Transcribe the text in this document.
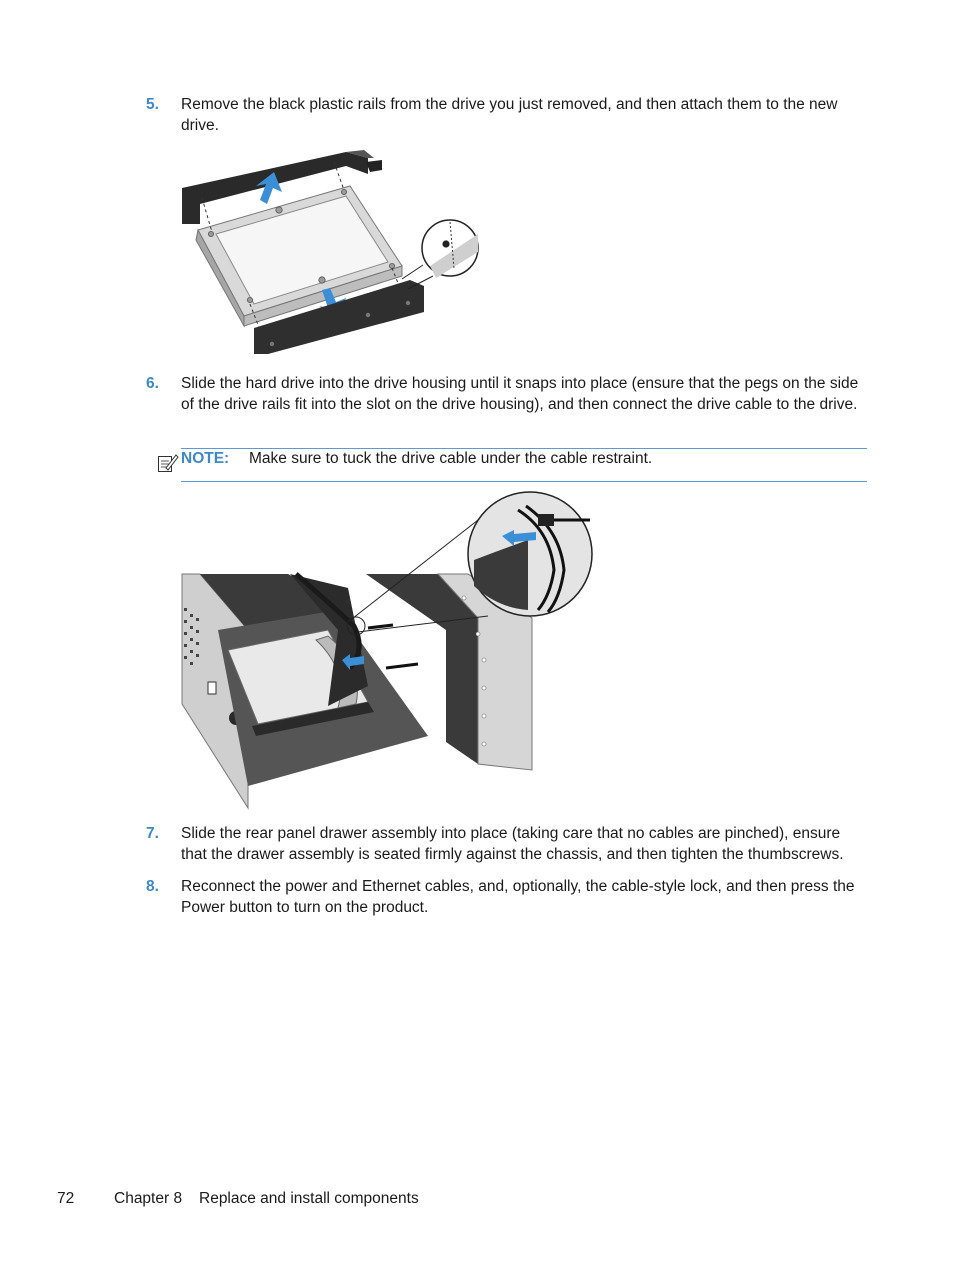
5. Remove the black plastic rails from the drive you just removed, and then attach them to the new drive.
6. Slide the hard drive into the drive housing until it snaps into place (ensure that the pegs on the side of the drive rails fit into the slot on the drive housing), and then connect the drive cable to the drive.
NOTE: Make sure to tuck the drive cable under the cable restraint.
7. Slide the rear panel drawer assembly into place (taking care that no cables are pinched), ensure that the drawer assembly is seated firmly against the chassis, and then tighten the thumbscrews.
8. Reconnect the power and Ethernet cables, and, optionally, the cable-style lock, and then press the Power button to turn on the product.
72	Chapter 8 Replace and install components
